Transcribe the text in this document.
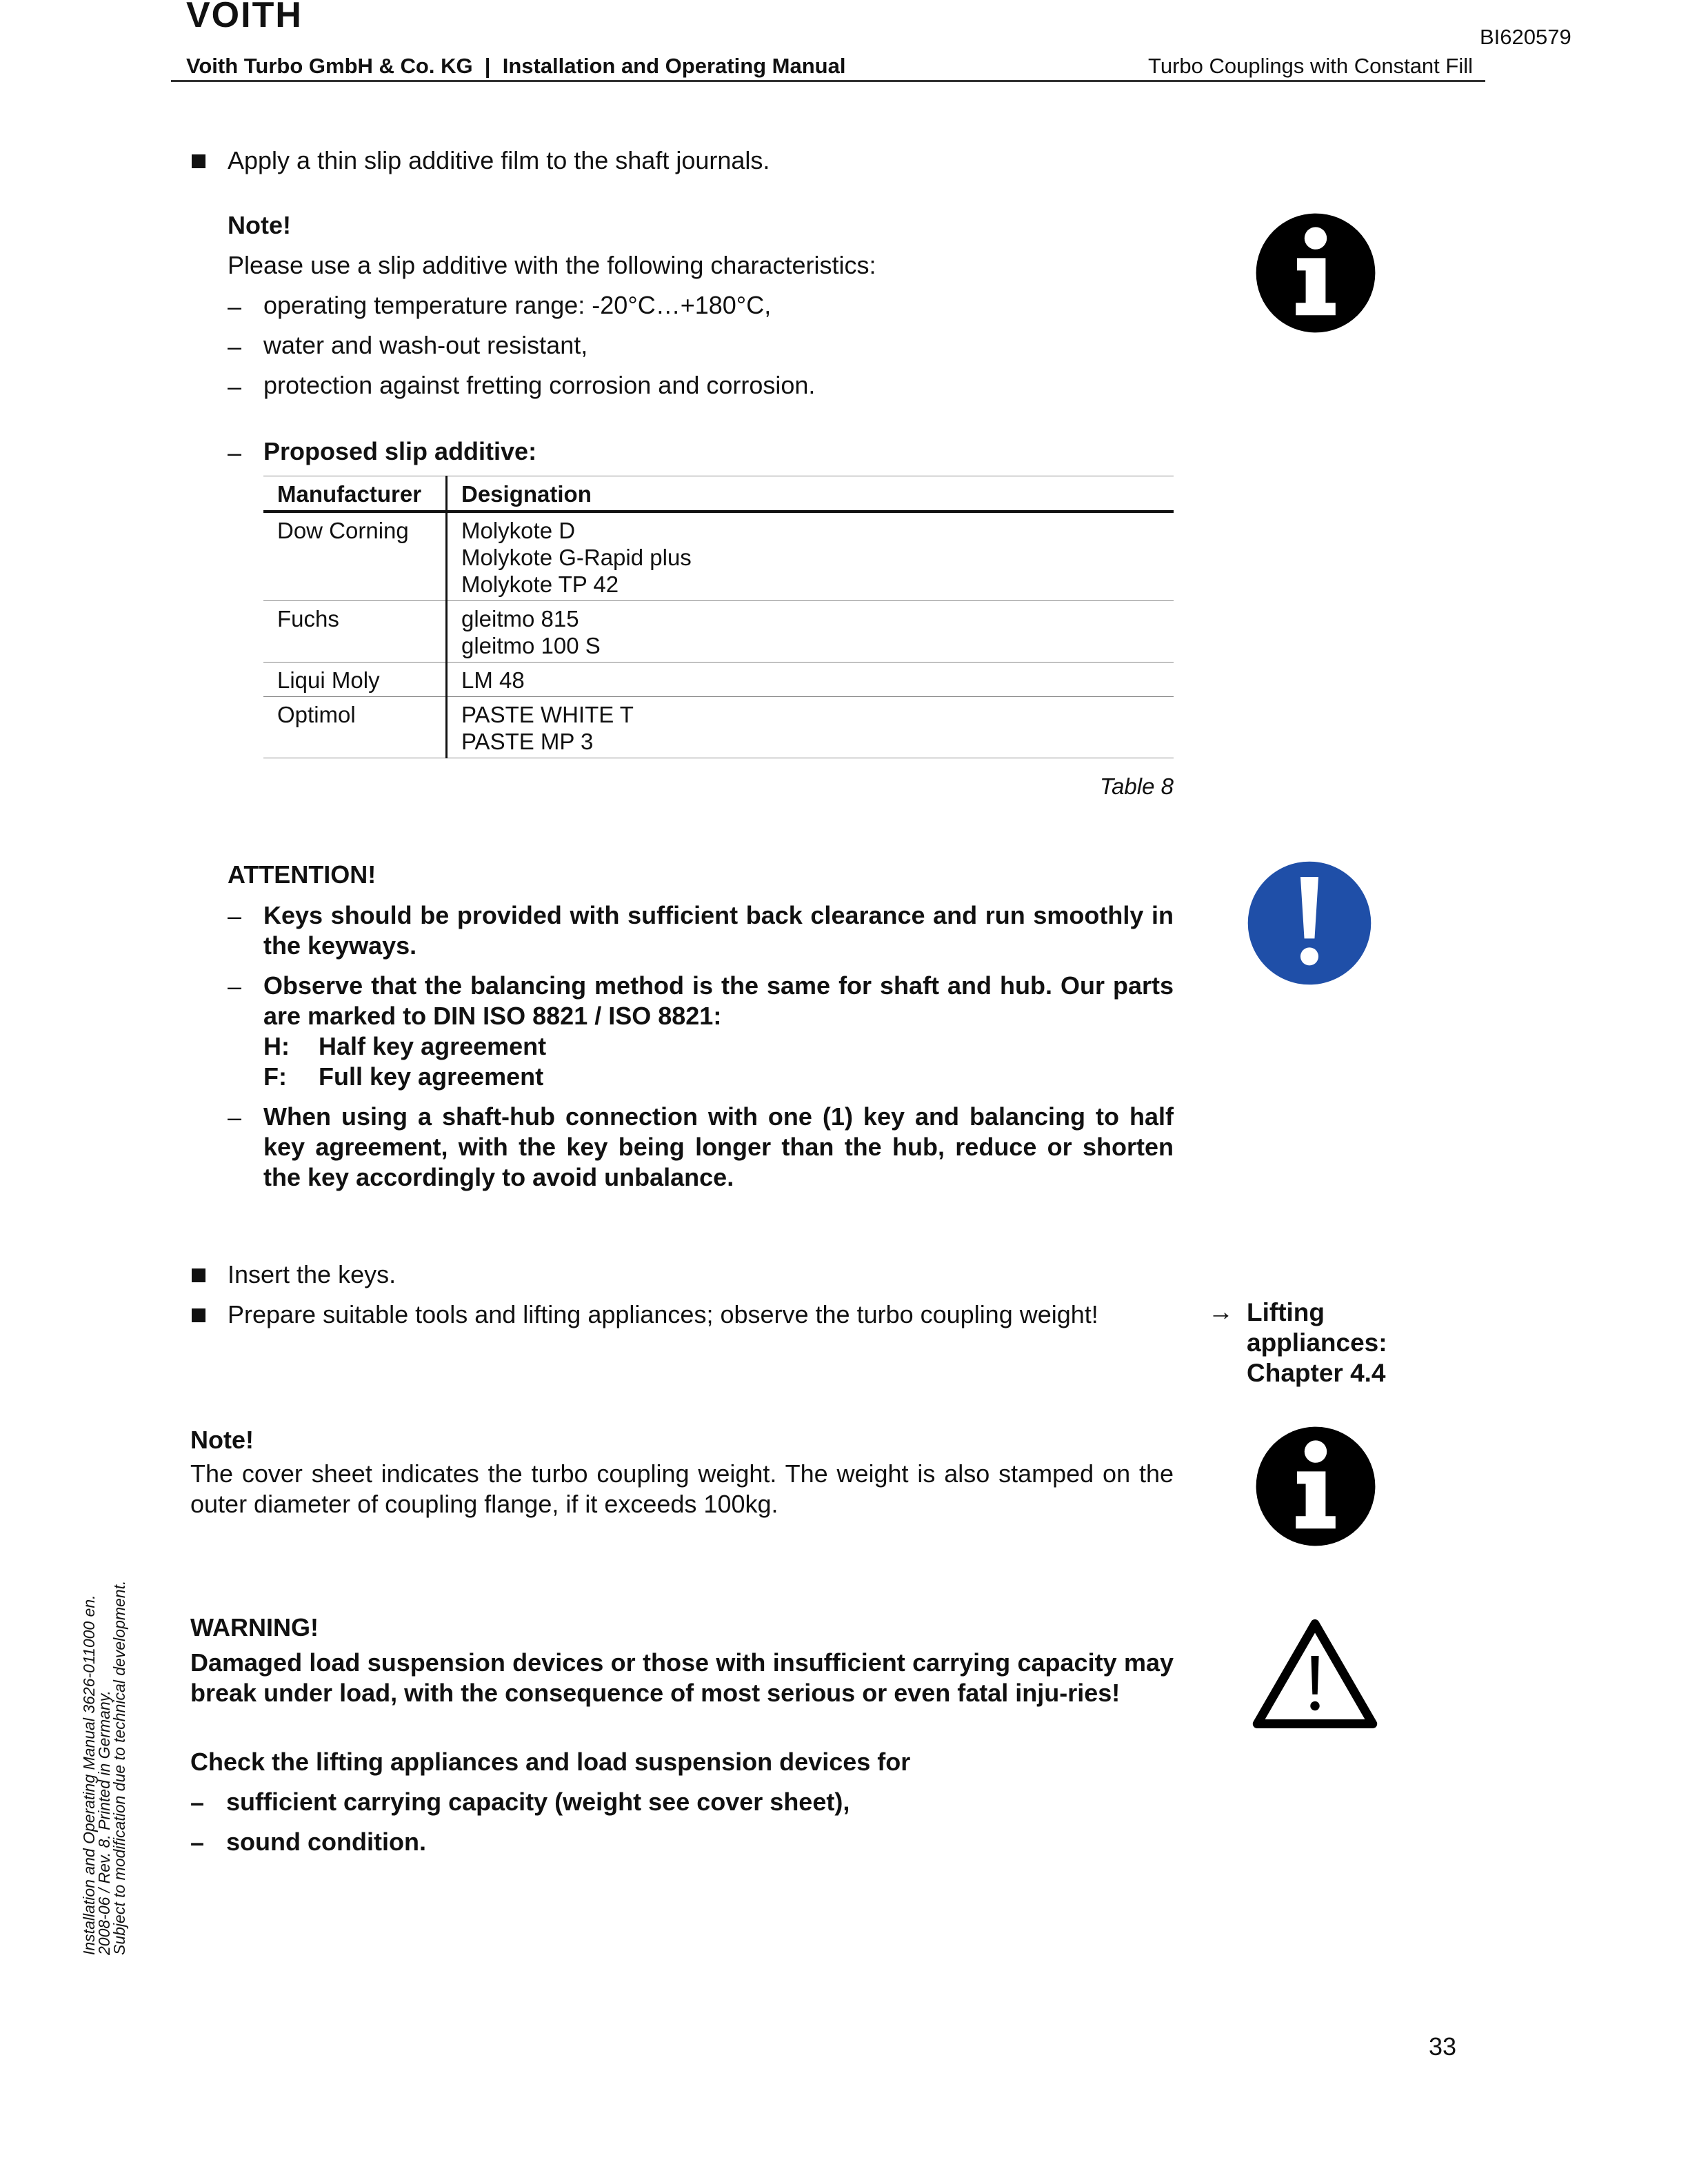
VOITH
BI620579
Voith Turbo GmbH & Co. KG  |  Installation and Operating Manual	Turbo Couplings with Constant Fill
Apply a thin slip additive film to the shaft journals.
Note!
Please use a slip additive with the following characteristics:
– operating temperature range: -20°C…+180°C,
– water and wash-out resistant,
– protection against fretting corrosion and corrosion.
– Proposed slip additive:
Manufacturer	Designation
Dow Corning	Molykote D
Molykote G-Rapid plus
Molykote TP 42

Fuchs	gleitmo 815
gleitmo 100 S

Liqui Moly	LM 48

Optimol	PASTE WHITE T
PASTE MP 3
Table 8
ATTENTION!
– Keys should be provided with sufficient back clearance and run smoothly in the keyways.
– Observe that the balancing method is the same for shaft and hub. Our parts are marked to DIN ISO 8821 / ISO 8821:
H: Half key agreement
F: Full key agreement
– When using a shaft-hub connection with one (1) key and balancing to half key agreement, with the key being longer than the hub, reduce or shorten the key accordingly to avoid unbalance.
Insert the keys.
Prepare suitable tools and lifting appliances; observe the turbo coupling weight!	→ Lifting
appliances:
Chapter 4.4
Note!
The cover sheet indicates the turbo coupling weight. The weight is also stamped on the outer diameter of coupling flange, if it exceeds 100kg.
WARNING!
Damaged load suspension devices or those with insufficient carrying capacity may break under load, with the consequence of most serious or even fatal inju-ries!
Check the lifting appliances and load suspension devices for
– sufficient carrying capacity (weight see cover sheet),
– sound condition.
Installation and Operating Manual 3626-011000 en.
2008-06 / Rev. 8. Printed in Germany.
Subject to modification due to technical development.
33
